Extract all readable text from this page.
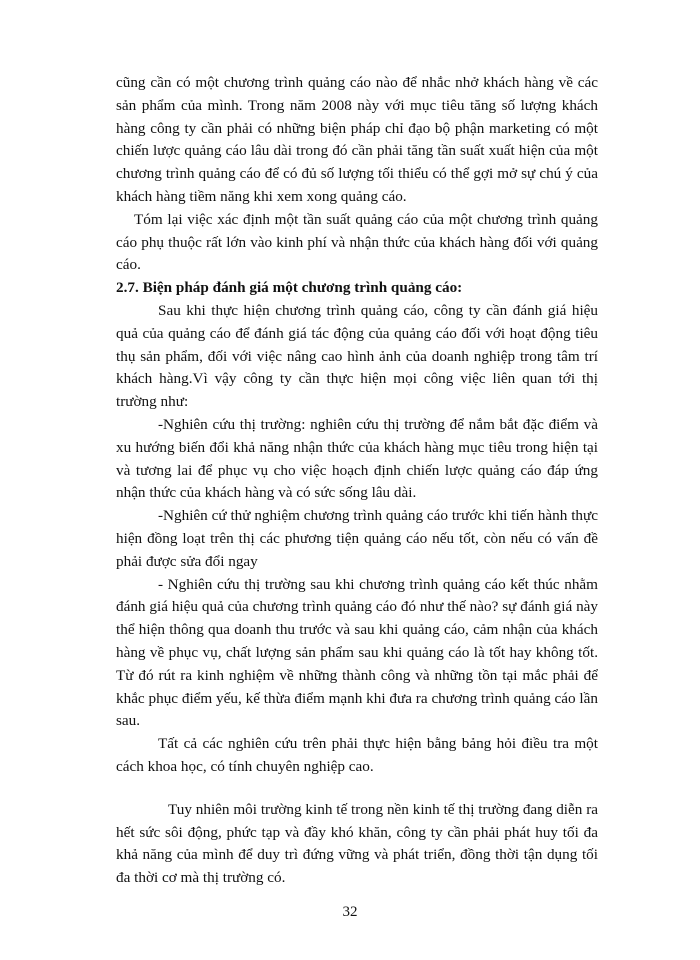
cũng cần có một chương trình quảng cáo nào để nhắc nhở khách hàng về các sản phẩm của mình. Trong năm 2008 này với mục tiêu tăng số lượng khách hàng công ty cần phải có những biện pháp chỉ đạo bộ phận marketing có một chiến lược quảng cáo lâu dài trong đó cần phải tăng tần suất xuất hiện của một chương trình quảng cáo để có đủ số lượng tối thiểu có thể gợi mở sự chú ý của khách hàng tiềm năng khi xem xong quảng cáo.

Tóm lại việc xác định một tần suất quảng cáo của một chương trình quảng cáo phụ thuộc rất lớn vào kinh phí và nhận thức của khách hàng đối với quảng cáo.

2.7. Biện pháp đánh giá một chương trình quảng cáo:

Sau khi thực hiện chương trình quảng cáo, công ty cần đánh giá hiệu quả của quảng cáo để đánh giá tác động của quảng cáo đối với hoạt động tiêu thụ sản phẩm, đối với việc nâng cao hình ảnh của doanh nghiệp trong tâm trí khách hàng.Vì vậy công ty cần thực hiện mọi công việc liên quan tới thị trường như:

-Nghiên cứu thị trường: nghiên cứu thị trường để nắm bắt đặc điểm và xu hướng biến đổi khả năng nhận thức của khách hàng mục tiêu trong hiện tại và tương lai để phục vụ cho việc hoạch định chiến lược quảng cáo đáp ứng nhận thức của khách hàng và có sức sống lâu dài.

-Nghiên cứ thử nghiệm chương trình quảng cáo trước khi tiến hành thực hiện đồng loạt trên thị các phương tiện quảng cáo nếu tốt, còn nếu có vấn đề phải được sửa đổi ngay

- Nghiên cứu thị trường sau khi chương trình quảng cáo kết thúc nhằm đánh giá hiệu quả của chương trình quảng cáo đó như thế nào? sự đánh giá này thể hiện thông qua doanh thu trước và sau khi quảng cáo, cảm nhận của khách hàng về phục vụ, chất lượng sản phẩm sau khi quảng cáo là tốt hay không tốt. Từ đó rút ra kinh nghiệm về những thành công và những tồn tại mắc phải để khắc phục điểm yếu, kế thừa điểm mạnh khi đưa ra chương trình quảng cáo lần sau.

Tất cả các nghiên cứu trên phải thực hiện bằng bảng hỏi điều tra một cách khoa học, có tính chuyên nghiệp cao.

Tuy nhiên môi trường kinh tế trong nền kinh tế thị trường đang diễn ra hết sức sôi động, phức tạp và đầy khó khăn, công ty cần phải phát huy tối đa khả năng của mình để duy trì đứng vững và phát triển, đồng thời tận dụng tối đa thời cơ mà thị trường có.

32
